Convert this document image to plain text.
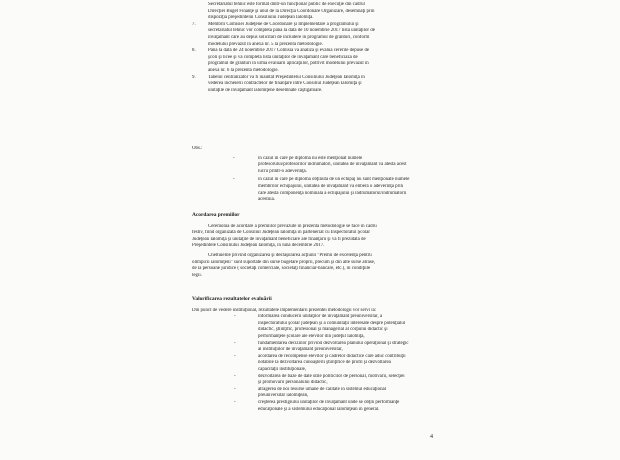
Secretariatul tehnic este format dintr-un funcţionar public de execuţie din cadrul

Direcţiei Buget Finanţe şi unul de la Direcţia Coordonare Organizare, desemnaţi prin

dispoziţia preşedintelui Consiliului Judeţean Ialomiţa.

7.	Membrii Comisiei Judeţene de Coordonare şi Implementare a programului şi

secretariatul tehnic vor completa până la data de 10 noiembrie 2017 lista unităţilor de

învăţământ care au depus solicitări de includere în programul de granturi, conform

modelului prevăzut în anexa nr. 5 la prezenta metodologie.

8.	Până la data de 24 noiembrie 2017 Comisia va analiza şi evalua cererile depuse de

şcoli şi licee şi va completa lista unităţilor de învăţământ care beneficiază de

programul de granturi în urma evaluării aplicaţiilor, potrivit modelului prevăzut în

anexa nr. 6 la prezenta metodologie.

9.	Tabelul centralizator va fi înaintat Preşedintelui Consiliului Judeţean Ialomiţa în

vederea încheierii contractelor de finanţare între Consiliul Judeţean Ialomiţa şi

unităţile de învăţământ ialomiţene desemnate câştigătoare.

Obs.:

-	în cazul în care pe diplomă nu este menţionat numele

profesorului/profesorilor îndrumători, unitatea de învăţământ va atesta acest

lucru printr-o adeverinţă.

-	în cazul în care pe diplomă obţinută de un echipaj nu sunt menţionate numele

membrilor echipajului, unitatea de învăţământ va elibera o adeverinţă prin

care atestă componenţa nominală a echipajului şi îndrumătorul/îndrumătorii

acestuia.

Acordarea premiilor

Ceremonia de acordare a premiilor prevăzute în prezenta metodologie se face în cadru

festiv, fiind organizată de Consiliul Judeţean Ialomiţa în parteneriat cu Inspectoratul Şcolar

Judeţean Ialomiţa şi unităţile de învăţământ beneficiare ale finanţării şi va fi prezidată de

Preşedintele Consiliului Judeţean Ialomiţa, în luna decembrie 2017.

Cheltuielile privind organizarea şi desfăşurarea acţiunii "Premii de excelenţă pentru

olimpicii ialomiţeni" sunt suportate din surse bugetare proprii, precum şi din alte surse atrase,

de la persoane juridice ( societăţi comerciale, societăţi financiar-bancare, etc.), în condiţiile

legii.

Valorificarea rezultatelor evaluării

Din punct de vedere instituţional, rezultatele implementării prezentei metodologii vor servi la:

-	informarea conducerii unităţilor de învăţământ preuniversitar, a

inspectoratului şcolar judeţean şi a comunităţii interesate despre potenţialul

didactic, ştiinţific, profesional şi managerial al corpului didactic şi

performanţele şcolare ale elevilor din judeţul Ialomiţa,

-	fundamentarea deciziilor privind dezvoltarea planului operaţional şi strategic

al instituţiilor de învăţământ preuniversitar,

-	acordarea de recompense elevilor şi cadrelor didactice care aduc contribuţii

notabile la dezvoltarea cunoaşterii ştiinţifice de profil şi dezvoltarea

capacităţii instituţionale,

-	dezvoltarea de baze de date utile politicilor de personal, motivarii, selecţiei

şi promovării personalului didactic,

-	atragerea de noi resurse umane de calitate în sistemul educaţional

preuniversitar ialomiţean,

-	creşterea prestigiului unităţilor de învăţământ unde se obţin performanţe

educaţionale şi a sistemului educaţional ialomiţean în general.

4
